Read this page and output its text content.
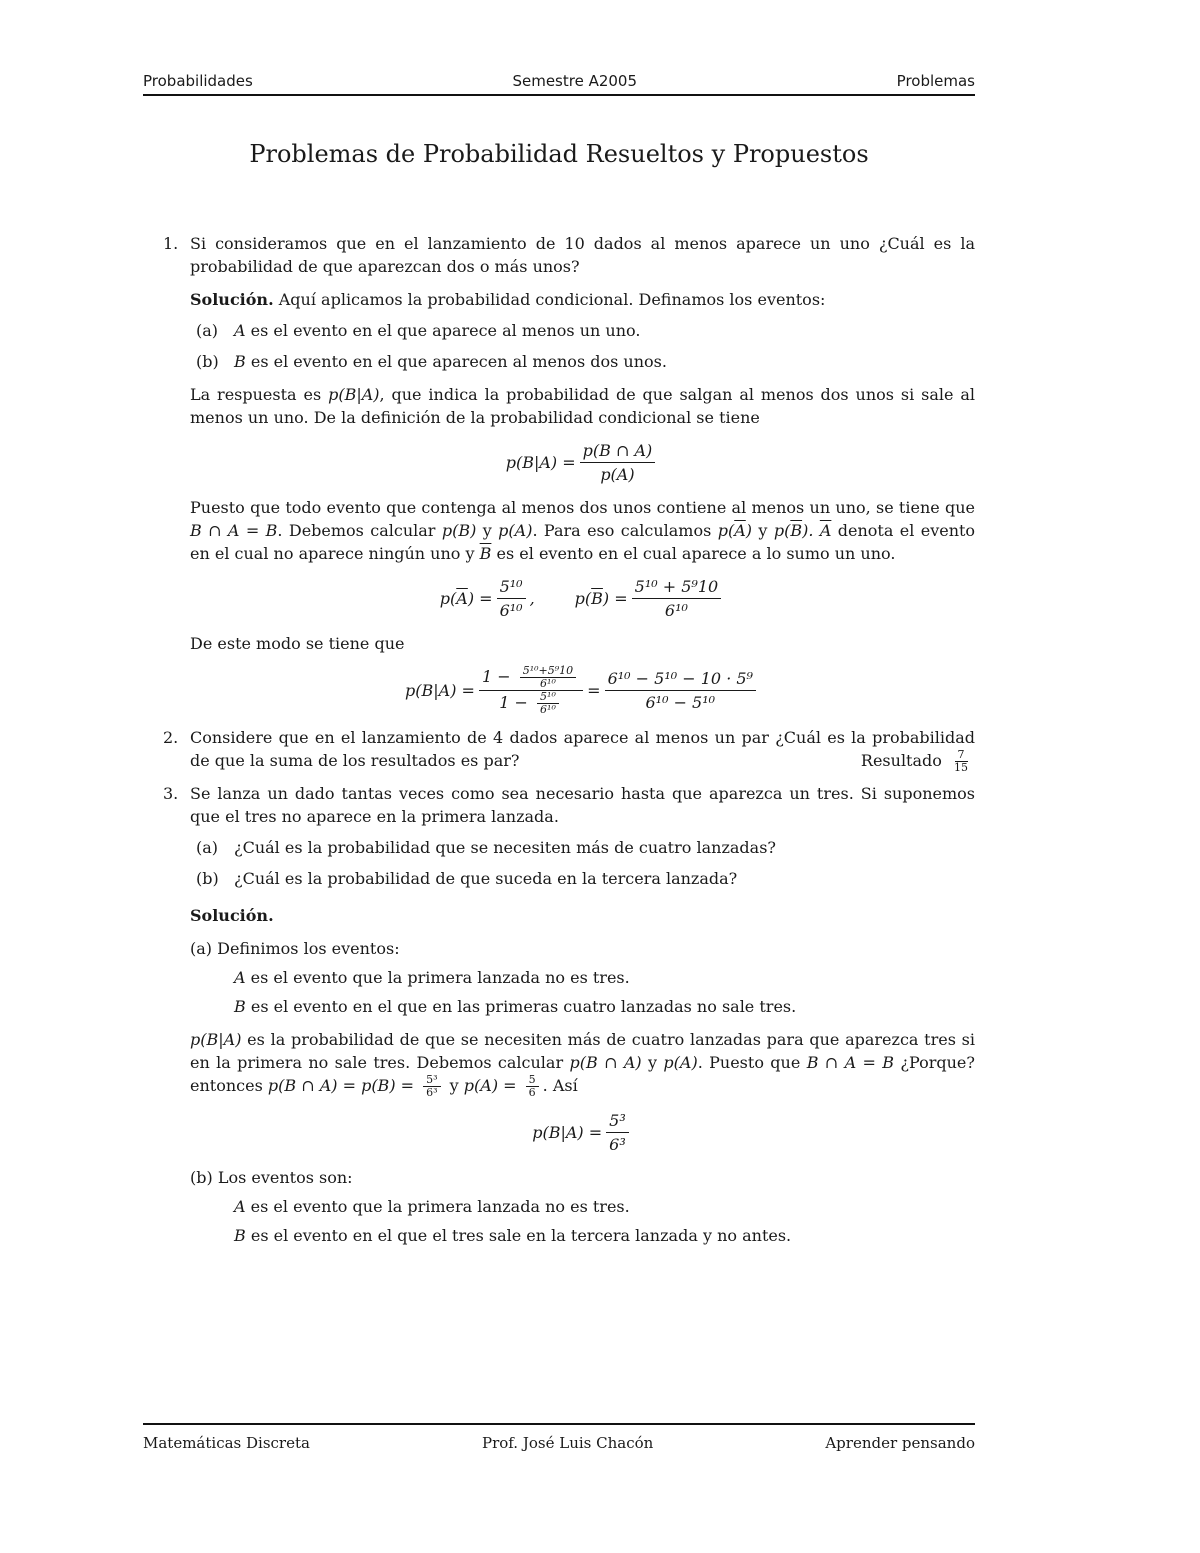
Probabilidades	Semestre A2005	Problemas
Problemas de Probabilidad Resueltos y Propuestos
1. Si consideramos que en el lanzamiento de 10 dados al menos aparece un uno ¿Cuál es la probabilidad de que aparezcan dos o más unos?

Solución. Aquí aplicamos la probabilidad condicional. Definamos los eventos:

(a) A es el evento en el que aparece al menos un uno.
(b) B es el evento en el que aparecen al menos dos unos.

La respuesta es p(B|A), que indica la probabilidad de que salgan al menos dos unos si sale al menos un uno. De la definición de la probabilidad condicional se tiene

$p(B|A) = \frac{p(B \cap A)}{p(A)}$

Puesto que todo evento que contenga al menos dos unos contiene al menos un uno, se tiene que B ∩ A = B. Debemos calcular p(B) y p(A). Para eso calculamos $p(\overline{A})$ y $p(\overline{B})$. $\overline{A}$ denota el evento en el cual no aparece ningún uno y $\overline{B}$ es el evento en el cual aparece a lo sumo un uno.

p( $\overline{A}$ ) = $\frac{\text{5¹⁰}}{\text{6¹⁰}}$ ,	p( $\overline{B}$ ) = $\frac{\text{5¹⁰ + 5⁹10}}{\text{6¹⁰}}$

De este modo se tiene que

$p(B|A) = \frac{1 - \frac{\text{5¹⁰+5⁹10}}{\text{6¹⁰}}}{1 - \frac{\text{5¹⁰}}{\text{6¹⁰}}} = \frac{\text{6¹⁰ − 5¹⁰ − 10 · 5⁹}}{\text{6¹⁰ − 5¹⁰}}$
2. Considere que en el lanzamiento de 4 dados aparece al menos un par ¿Cuál es la probabilidad de que la suma de los resultados es par?	Resultado $\frac{7}{15}$

3. Se lanza un dado tantas veces como sea necesario hasta que aparezca un tres. Si suponemos que el tres no aparece en la primera lanzada.

(a) ¿Cuál es la probabilidad que se necesiten más de cuatro lanzadas?
(b) ¿Cuál es la probabilidad de que suceda en la tercera lanzada?

Solución.

(a) Definimos los eventos:

A es el evento que la primera lanzada no es tres.
B es el evento en el que en las primeras cuatro lanzadas no sale tres.

p(B|A) es la probabilidad de que se necesiten más de cuatro lanzadas para que aparezca tres si en la primera no sale tres. Debemos calcular p(B ∩ A) y p(A). Puesto que B ∩ A = B ¿Porque? entonces p(B ∩ $A) = p(B) = \frac{\text{5³}}{\text{6³}}$ y $p(A) = \frac{5}{6}$ . Así

$p(B|A) = \frac{\text{5³}}{\text{6³}}$

(b) Los eventos son:

A es el evento que la primera lanzada no es tres.
B es el evento en el que el tres sale en la tercera lanzada y no antes.
Matemáticas Discreta	Prof. José Luis Chacón	Aprender pensando
